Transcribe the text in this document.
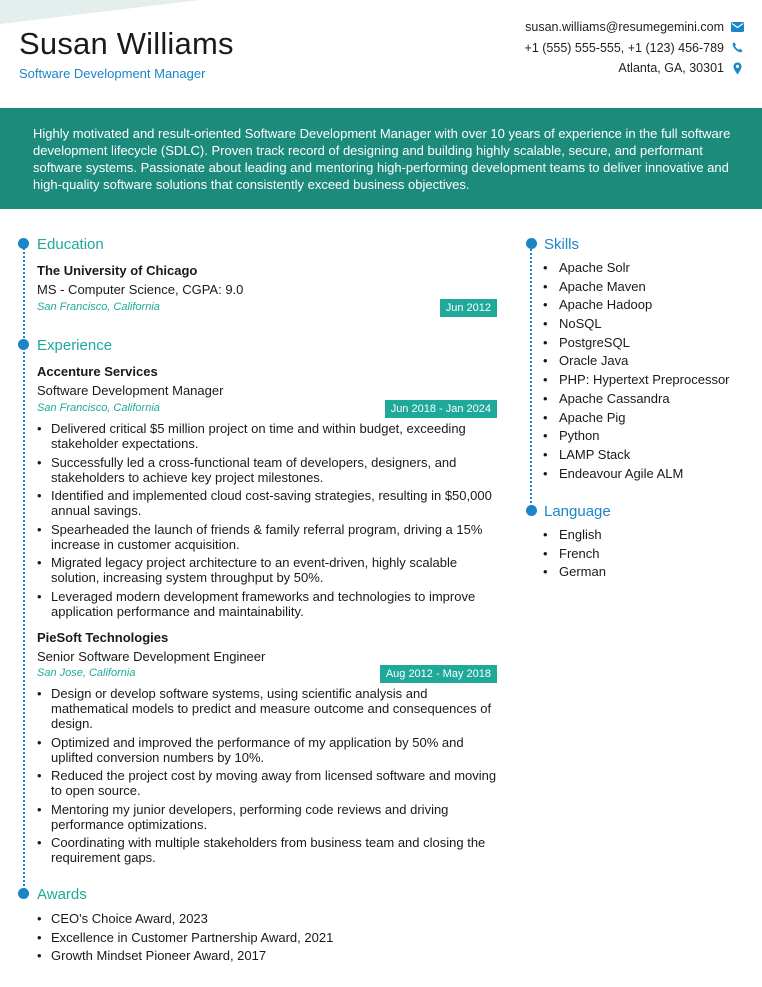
Susan Williams
Software Development Manager
susan.williams@resumegemini.com
+1 (555) 555-555, +1 (123) 456-789
Atlanta, GA, 30301
Highly motivated and result-oriented Software Development Manager with over 10 years of experience in the full software development lifecycle (SDLC). Proven track record of designing and building highly scalable, secure, and performant software systems. Passionate about leading and mentoring high-performing development teams to deliver innovative and high-quality software solutions that consistently exceed business objectives.
Education
The University of Chicago
MS - Computer Science, CGPA: 9.0
San Francisco, California	Jun 2012
Experience
Accenture Services
Software Development Manager
San Francisco, California	Jun 2018 - Jan 2024
• Delivered critical $5 million project on time and within budget, exceeding stakeholder expectations.
• Successfully led a cross-functional team of developers, designers, and stakeholders to achieve key project milestones.
• Identified and implemented cloud cost-saving strategies, resulting in $50,000 annual savings.
• Spearheaded the launch of friends & family referral program, driving a 15% increase in customer acquisition.
• Migrated legacy project architecture to an event-driven, highly scalable solution, increasing system throughput by 50%.
• Leveraged modern development frameworks and technologies to improve application performance and maintainability.
PieSoft Technologies
Senior Software Development Engineer
San Jose, California	Aug 2012 - May 2018
• Design or develop software systems, using scientific analysis and mathematical models to predict and measure outcome and consequences of design.
• Optimized and improved the performance of my application by 50% and uplifted conversion numbers by 10%.
• Reduced the project cost by moving away from licensed software and moving to open source.
• Mentoring my junior developers, performing code reviews and driving performance optimizations.
• Coordinating with multiple stakeholders from business team and closing the requirement gaps.
Awards
• CEO's Choice Award, 2023
• Excellence in Customer Partnership Award, 2021
• Growth Mindset Pioneer Award, 2017
Skills
• Apache Solr
• Apache Maven
• Apache Hadoop
• NoSQL
• PostgreSQL
• Oracle Java
• PHP: Hypertext Preprocessor
• Apache Cassandra
• Apache Pig
• Python
• LAMP Stack
• Endeavour Agile ALM
Language
• English
• French
• German
